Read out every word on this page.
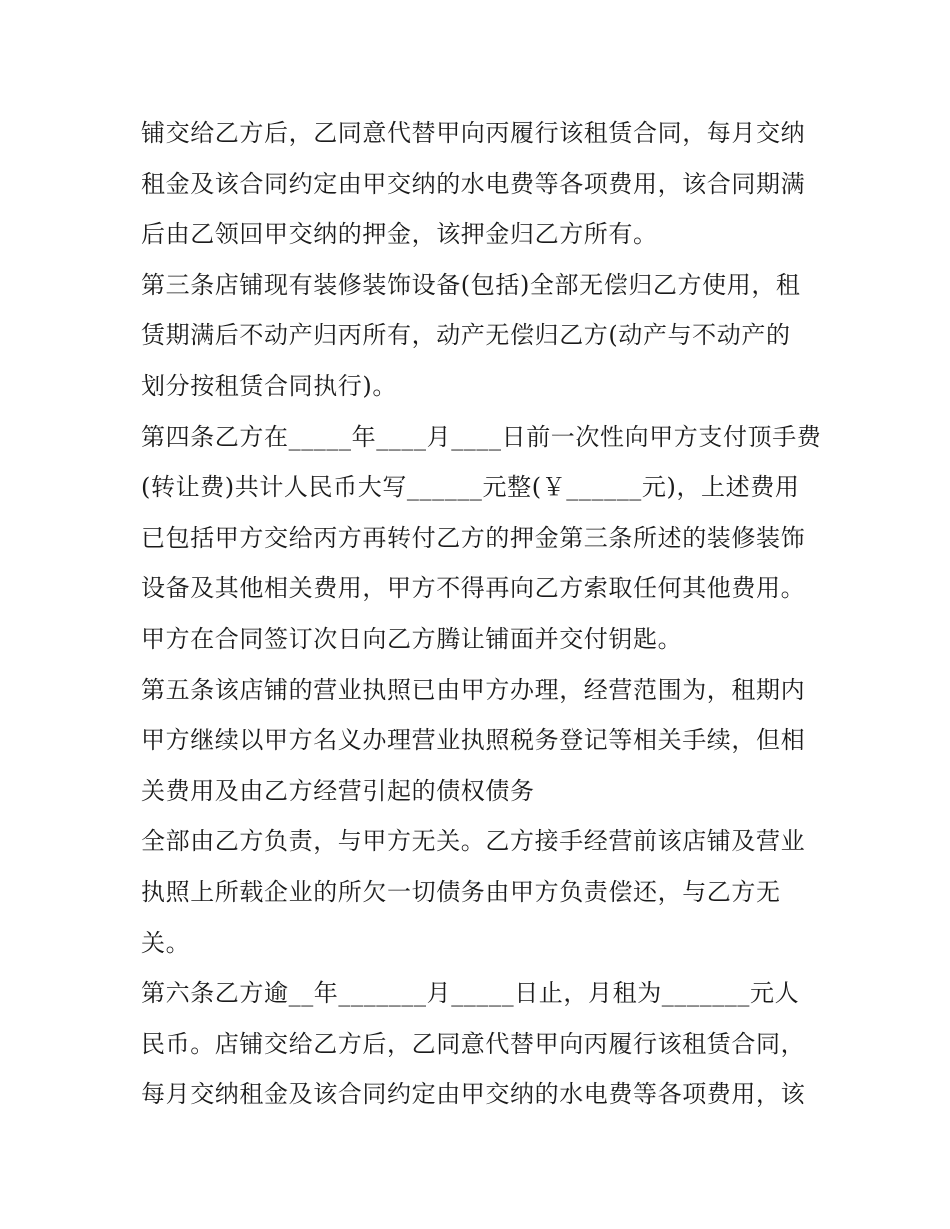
铺交给乙方后，乙同意代替甲向丙履行该租赁合同，每月交纳
租金及该合同约定由甲交纳的水电费等各项费用，该合同期满
后由乙领回甲交纳的押金，该押金归乙方所有。
第三条店铺现有装修装饰设备(包括)全部无偿归乙方使用，租
赁期满后不动产归丙所有，动产无偿归乙方(动产与不动产的
划分按租赁合同执行)。
第四条乙方在_____年____月____日前一次性向甲方支付顶手费
(转让费)共计人民币大写______元整(￥______元)，上述费用
已包括甲方交给丙方再转付乙方的押金第三条所述的装修装饰
设备及其他相关费用，甲方不得再向乙方索取任何其他费用。
甲方在合同签订次日向乙方腾让铺面并交付钥匙。
第五条该店铺的营业执照已由甲方办理，经营范围为，租期内
甲方继续以甲方名义办理营业执照税务登记等相关手续，但相
关费用及由乙方经营引起的债权债务
全部由乙方负责，与甲方无关。乙方接手经营前该店铺及营业
执照上所载企业的所欠一切债务由甲方负责偿还，与乙方无
关。
第六条乙方逾__年_______月_____日止，月租为_______元人
民币。店铺交给乙方后，乙同意代替甲向丙履行该租赁合同，
每月交纳租金及该合同约定由甲交纳的水电费等各项费用，该
